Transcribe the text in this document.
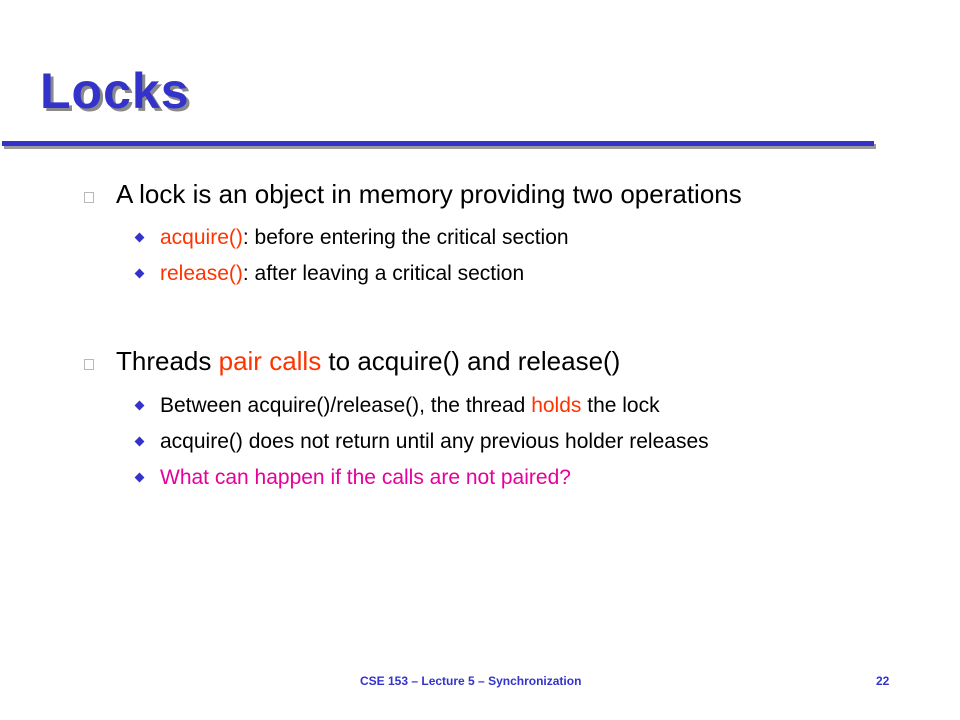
Locks
A lock is an object in memory providing two operations
acquire(): before entering the critical section
release(): after leaving a critical section
Threads pair calls to acquire() and release()
Between acquire()/release(), the thread holds the lock
acquire() does not return until any previous holder releases
What can happen if the calls are not paired?
CSE 153 – Lecture 5 – Synchronization	22
